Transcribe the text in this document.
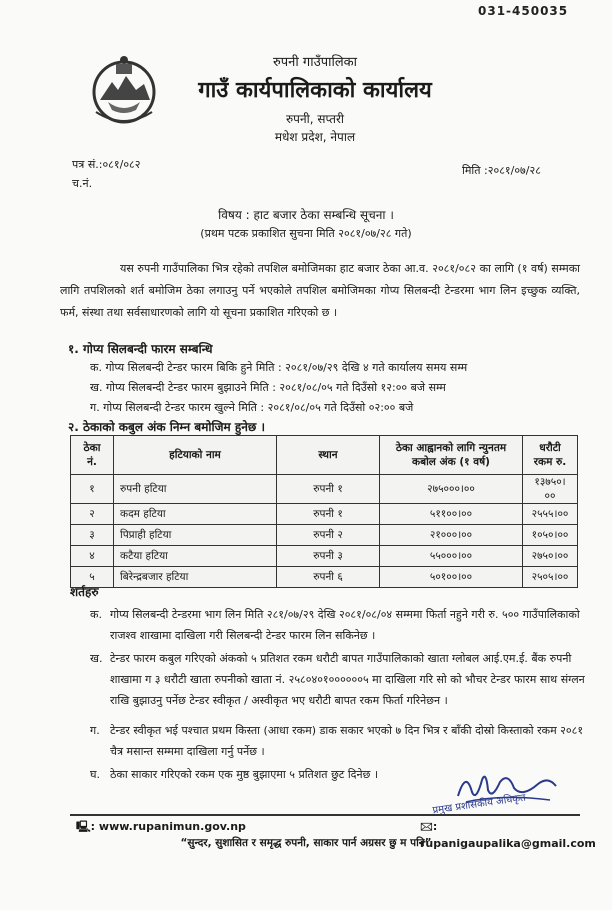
031-450035
रुपनी गाउँपालिका
गाउँ कार्यपालिकाको कार्यालय
रुपनी, सप्तरी
मधेश प्रदेश, नेपाल
पत्र सं.:०८१/०८२
च.नं.
मिति :२०८१/०७/२८
विषय : हाट बजार ठेका सम्बन्धि सूचना ।
(प्रथम पटक प्रकाशित सुचना मिति २०८१/०७/२८ गते)
यस रुपनी गाउँपालिका भित्र रहेको तपशिल बमोजिमका हाट बजार ठेका आ.व. २०८१/०८२ का लागि (१ वर्ष) सम्मका लागि तपशिलको शर्त बमोजिम ठेका लगाउनु पर्ने भएकोले तपशिल बमोजिमका गोप्य सिलबन्दी टेन्डरमा भाग लिन इच्छुक व्यक्ति, फर्म, संस्था तथा सर्वसाधारणको लागि यो सूचना प्रकाशित गरिएको छ ।
१. गोप्य सिलबन्दी फारम सम्बन्धि
क. गोप्य सिलबन्दी टेन्डर फारम बिकि हुने मिति : २०८१/०७/२९ देखि ४ गते कार्यालय समय सम्म
ख. गोप्य सिलबन्दी टेन्डर फारम बुझाउने मिति : २०८१/०८/०५ गते दिउँसो १२:०० बजे सम्म
ग. गोप्य सिलबन्दी टेन्डर फारम खुल्ने मिति : २०८१/०८/०५ गते दिउँसो ०२:०० बजे
२. ठेकाको कबुल अंक निम्न बमोजिम हुनेछ ।
ठेका नं.	हटियाको नाम	स्थान	ठेका आह्वानको लागि न्युनतम कबोल अंक (१ वर्ष)	धरौटी रकम रु.
१	रुपनी हटिया	रुपनी १	२७५०००।००	१३७५०।००
२	कदम हटिया	रुपनी १	५११००।००	२५५५।००
३	पिप्राही हटिया	रुपनी २	२१०००।००	१०५०।००
४	कटैया हटिया	रुपनी ३	५५०००।००	२७५०।००
५	बिरेन्द्रबजार हटिया	रुपनी ६	५०१००।००	२५०५।००
शर्तहरु
क. गोप्य सिलबन्दी टेन्डरमा भाग लिन मिति २८१/०७/२९ देखि २०८१/०८/०४ सम्ममा फिर्ता नहुने गरी रु. ५०० गाउँपालिकाको राजश्व शाखामा दाखिला गरी सिलबन्दी टेन्डर फारम लिन सकिनेछ ।
ख. टेन्डर फारम कबुल गरिएको अंकको ५ प्रतिशत रकम धरौटी बापत गाउँपालिकाको खाता ग्लोबल आई.एम.ई. बैंक रुपनी शाखामा ग ३ धरौटी खाता रुपनीको खाता नं. २५८०४०१००००००५ मा दाखिला गरि सो को भौचर टेन्डर फारम साथ संग्लन राखि बुझाउनु पर्नेछ टेन्डर स्वीकृत / अस्वीकृत भए धरौटी बापत रकम फिर्ता गरिनेछन ।
ग. टेन्डर स्वीकृत भई पश्चात प्रथम किस्ता (आधा रकम) डाक सकार भएको ७ दिन भित्र र बाँकी दोस्रो किस्ताको रकम २०८१ चैत्र मसान्त सम्ममा दाखिला गर्नु पर्नेछ ।
घ. ठेका साकार गरिएको रकम एक मुष्ठ बुझाएमा ५ प्रतिशत छुट दिनेछ ।
प्रमुख प्रशासकीय अधिकृत
🖳: www.rupanimun.gov.np	🖂: rupanigaupalika@gmail.com
“सुन्दर, सुशासित र समृद्ध रुपनी, साकार पार्न अग्रसर छु म पनि”
